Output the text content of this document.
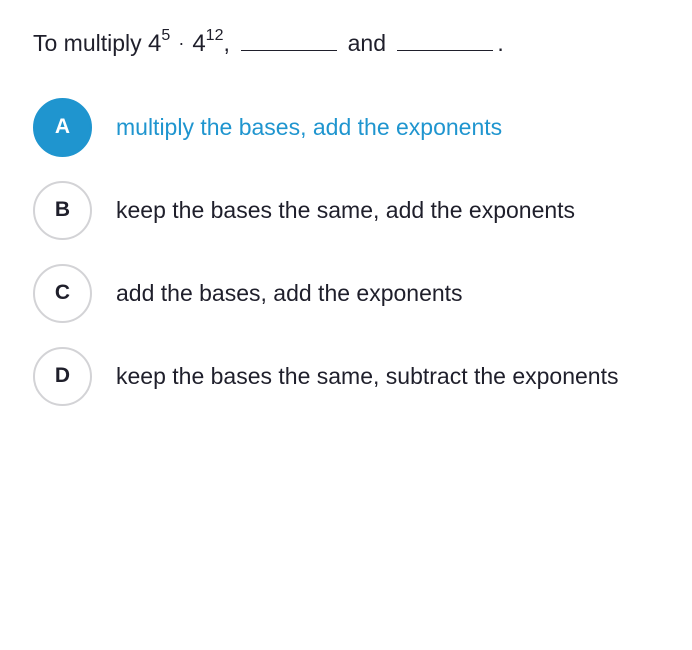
To multiply $4^5 \cdot 4^{12}$,	and	.
A	multiply the bases, add the exponents
B	keep the bases the same, add the exponents
C	add the bases, add the exponents
D	keep the bases the same, subtract the exponents
